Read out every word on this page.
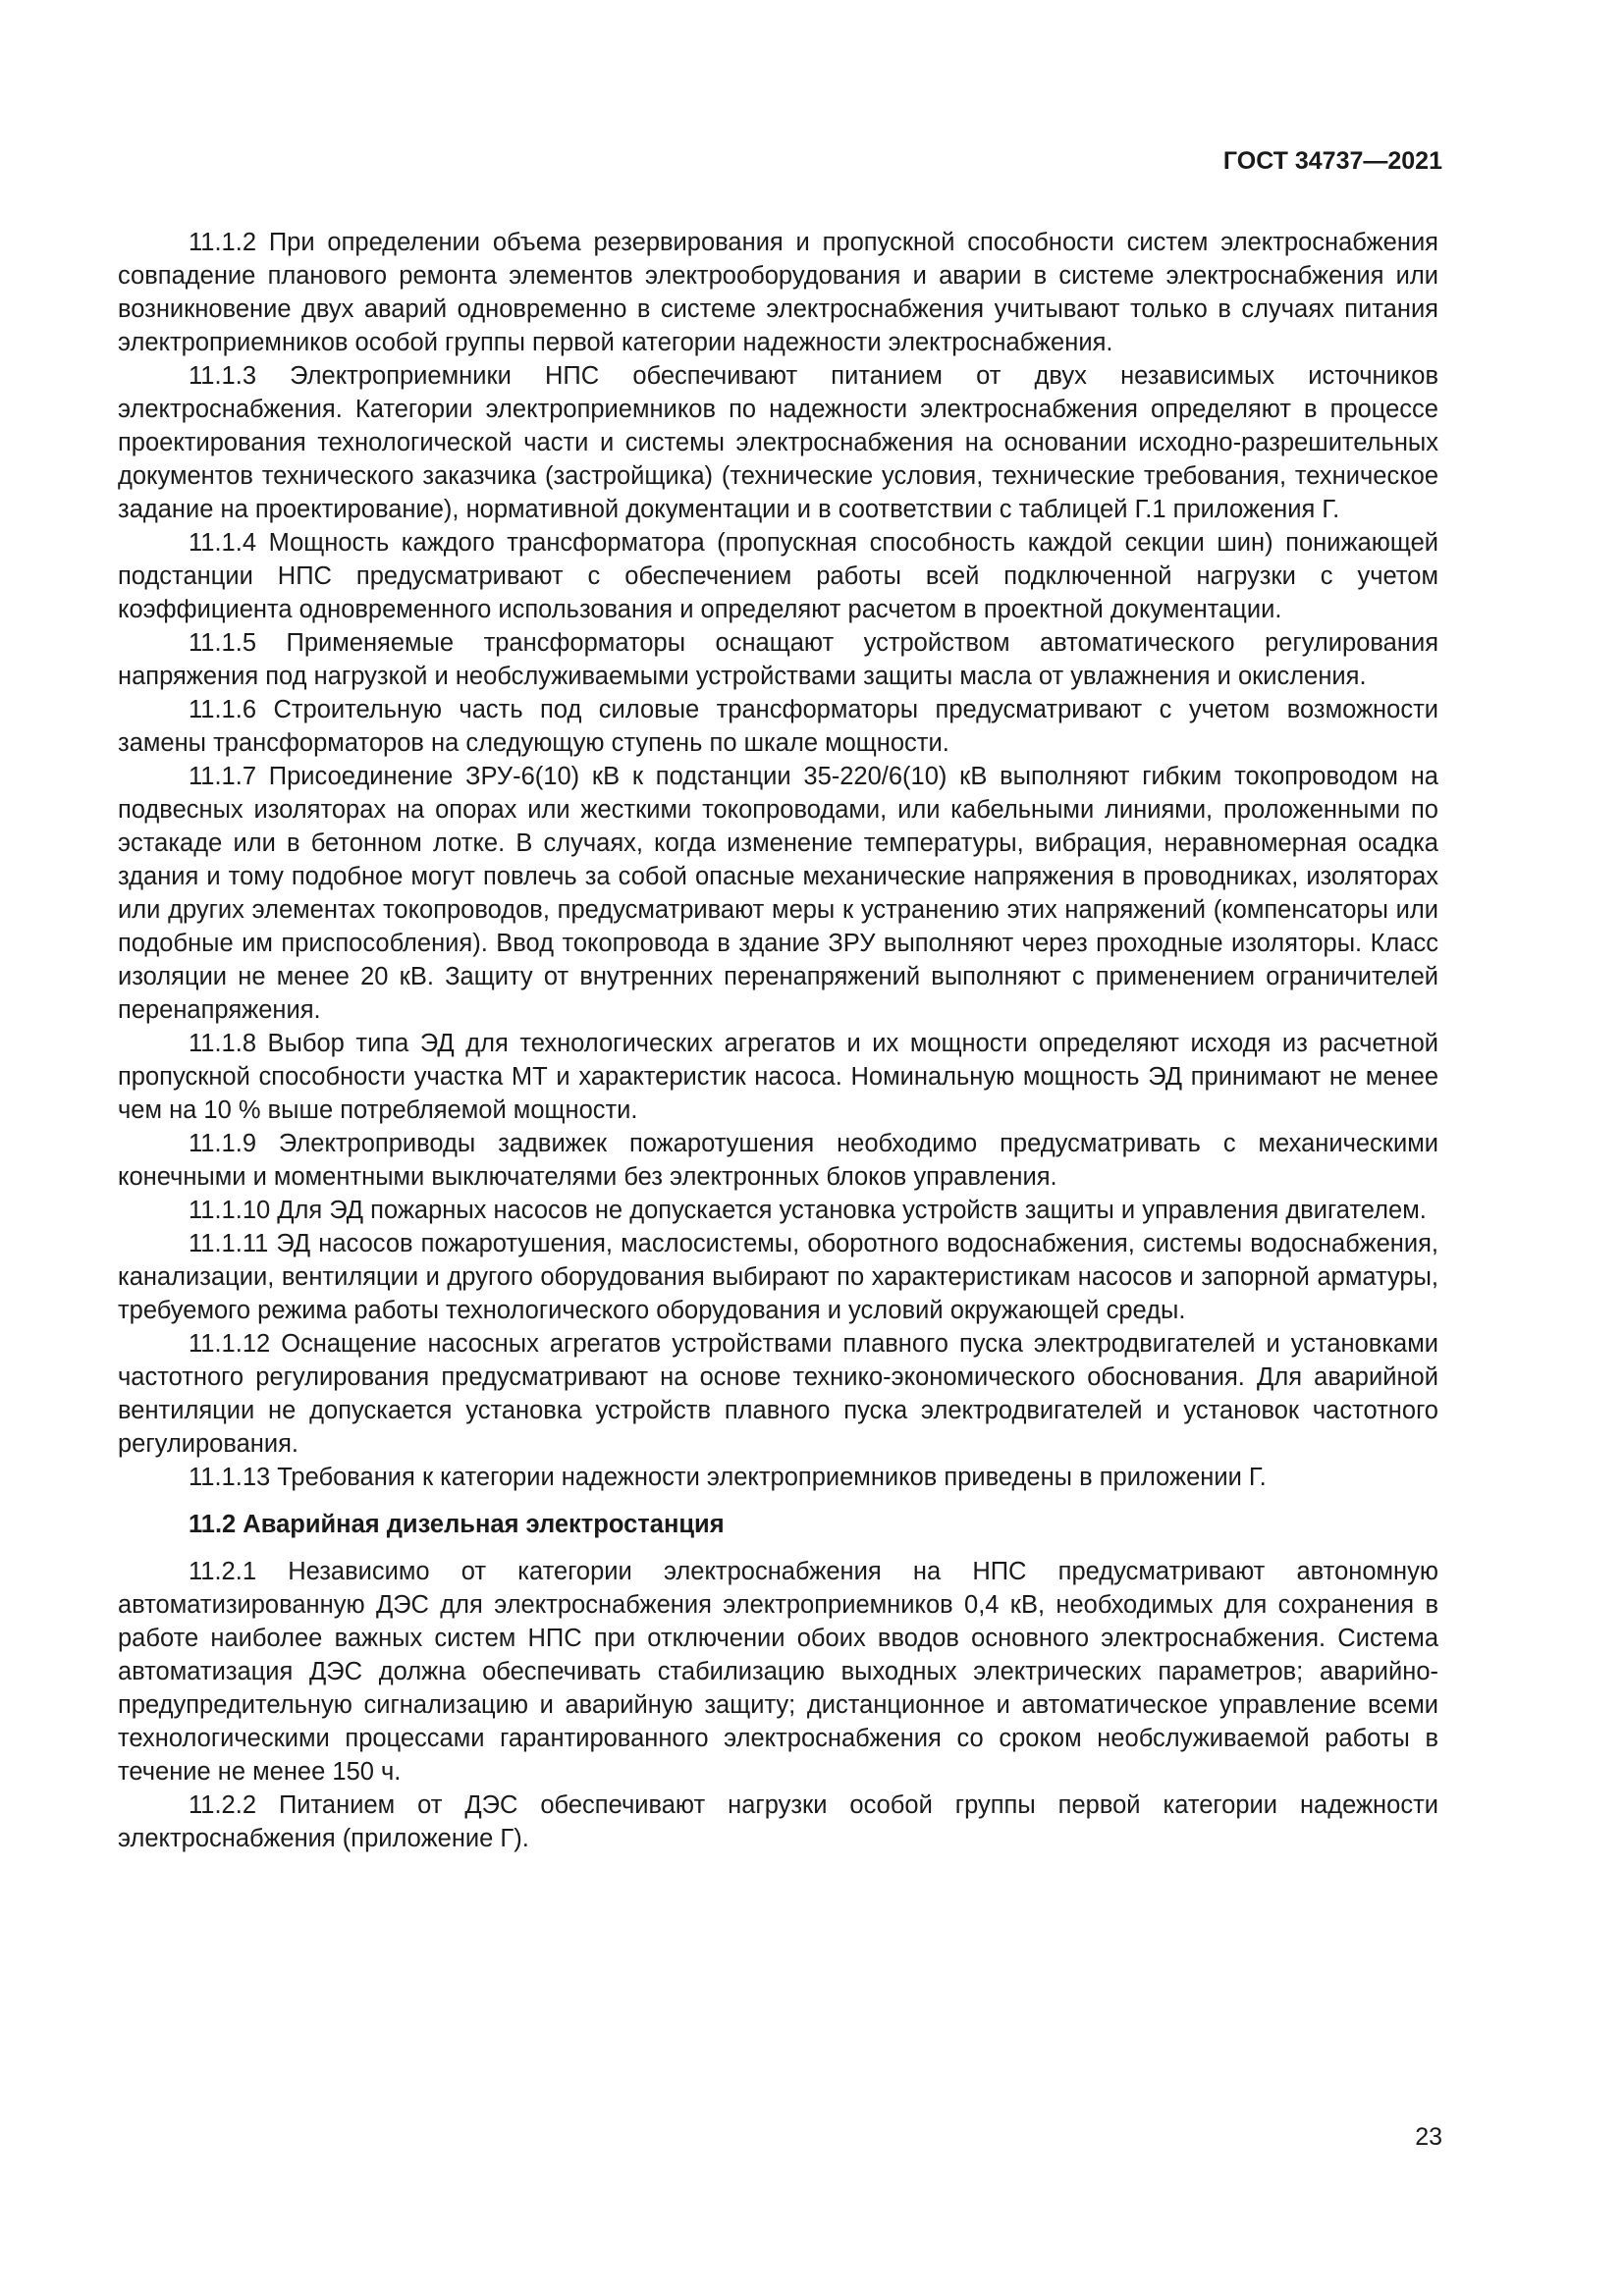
ГОСТ 34737—2021

11.1.2 При определении объема резервирования и пропускной способности систем электроснабжения совпадение планового ремонта элементов электрооборудования и аварии в системе электроснабжения или возникновение двух аварий одновременно в системе электроснабжения учитывают только в случаях питания электроприемников особой группы первой категории надежности электроснабжения.

11.1.3 Электроприемники НПС обеспечивают питанием от двух независимых источников электроснабжения. Категории электроприемников по надежности электроснабжения определяют в процессе проектирования технологической части и системы электроснабжения на основании исходно-разрешительных документов технического заказчика (застройщика) (технические условия, технические требования, техническое задание на проектирование), нормативной документации и в соответствии с таблицей Г.1 приложения Г.

11.1.4 Мощность каждого трансформатора (пропускная способность каждой секции шин) понижающей подстанции НПС предусматривают с обеспечением работы всей подключенной нагрузки с учетом коэффициента одновременного использования и определяют расчетом в проектной документации.

11.1.5 Применяемые трансформаторы оснащают устройством автоматического регулирования напряжения под нагрузкой и необслуживаемыми устройствами защиты масла от увлажнения и окисления.

11.1.6 Строительную часть под силовые трансформаторы предусматривают с учетом возможности замены трансформаторов на следующую ступень по шкале мощности.

11.1.7 Присоединение ЗРУ-6(10) кВ к подстанции 35-220/6(10) кВ выполняют гибким токопроводом на подвесных изоляторах на опорах или жесткими токопроводами, или кабельными линиями, проложенными по эстакаде или в бетонном лотке. В случаях, когда изменение температуры, вибрация, неравномерная осадка здания и тому подобное могут повлечь за собой опасные механические напряжения в проводниках, изоляторах или других элементах токопроводов, предусматривают меры к устранению этих напряжений (компенсаторы или подобные им приспособления). Ввод токопровода в здание ЗРУ выполняют через проходные изоляторы. Класс изоляции не менее 20 кВ. Защиту от внутренних перенапряжений выполняют с применением ограничителей перенапряжения.

11.1.8 Выбор типа ЭД для технологических агрегатов и их мощности определяют исходя из расчетной пропускной способности участка МТ и характеристик насоса. Номинальную мощность ЭД принимают не менее чем на 10 % выше потребляемой мощности.

11.1.9 Электроприводы задвижек пожаротушения необходимо предусматривать с механическими конечными и моментными выключателями без электронных блоков управления.

11.1.10 Для ЭД пожарных насосов не допускается установка устройств защиты и управления двигателем.

11.1.11 ЭД насосов пожаротушения, маслосистемы, оборотного водоснабжения, системы водоснабжения, канализации, вентиляции и другого оборудования выбирают по характеристикам насосов и запорной арматуры, требуемого режима работы технологического оборудования и условий окружающей среды.

11.1.12 Оснащение насосных агрегатов устройствами плавного пуска электродвигателей и установками частотного регулирования предусматривают на основе технико-экономического обоснования. Для аварийной вентиляции не допускается установка устройств плавного пуска электродвигателей и установок частотного регулирования.

11.1.13 Требования к категории надежности электроприемников приведены в приложении Г.

11.2 Аварийная дизельная электростанция

11.2.1 Независимо от категории электроснабжения на НПС предусматривают автономную автоматизированную ДЭС для электроснабжения электроприемников 0,4 кВ, необходимых для сохранения в работе наиболее важных систем НПС при отключении обоих вводов основного электроснабжения. Система автоматизация ДЭС должна обеспечивать стабилизацию выходных электрических параметров; аварийно-предупредительную сигнализацию и аварийную защиту; дистанционное и автоматическое управление всеми технологическими процессами гарантированного электроснабжения со сроком необслуживаемой работы в течение не менее 150 ч.

11.2.2 Питанием от ДЭС обеспечивают нагрузки особой группы первой категории надежности электроснабжения (приложение Г).

23
